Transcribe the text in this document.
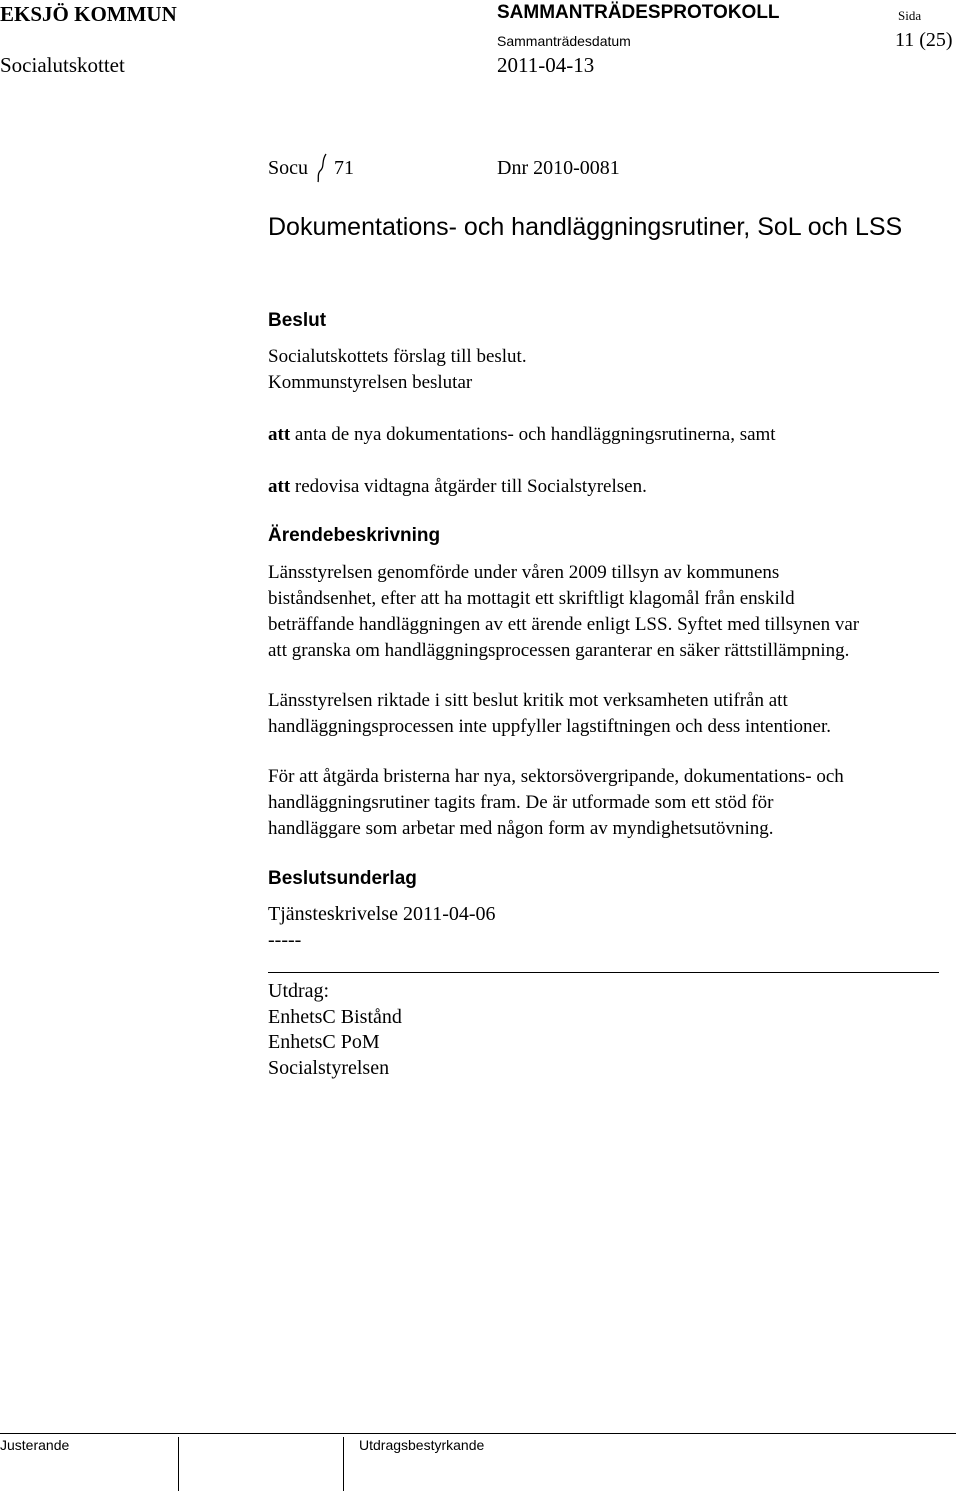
EKSJÖ KOMMUN	SAMMANTRÄDESPROTOKOLL	Sida
Socialutskottet
Sammanträdesdatum
2011-04-13
11 (25)
Socu 71	Dnr 2010-0081
Dokumentations- och handläggningsrutiner, SoL och LSS
Beslut
Socialutskottets förslag till beslut.
Kommunstyrelsen beslutar
att anta de nya dokumentations- och handläggningsrutinerna, samt
att redovisa vidtagna åtgärder till Socialstyrelsen.
Ärendebeskrivning
Länsstyrelsen genomförde under våren 2009 tillsyn av kommunens
biståndsenhet, efter att ha mottagit ett skriftligt klagomål från enskild
beträffande handläggningen av ett ärende enligt LSS. Syftet med tillsynen var
att granska om handläggningsprocessen garanterar en säker rättstillämpning.
Länsstyrelsen riktade i sitt beslut kritik mot verksamheten utifrån att
handläggningsprocessen inte uppfyller lagstiftningen och dess intentioner.
För att åtgärda bristerna har nya, sektorsövergripande, dokumentations- och
handläggningsrutiner tagits fram. De är utformade som ett stöd för
handläggare som arbetar med någon form av myndighetsutövning.
Beslutsunderlag
Tjänsteskrivelse 2011-04-06
-----
Utdrag:
EnhetsC Bistånd
EnhetsC PoM
Socialstyrelsen
Justerande	Utdragsbestyrkande
